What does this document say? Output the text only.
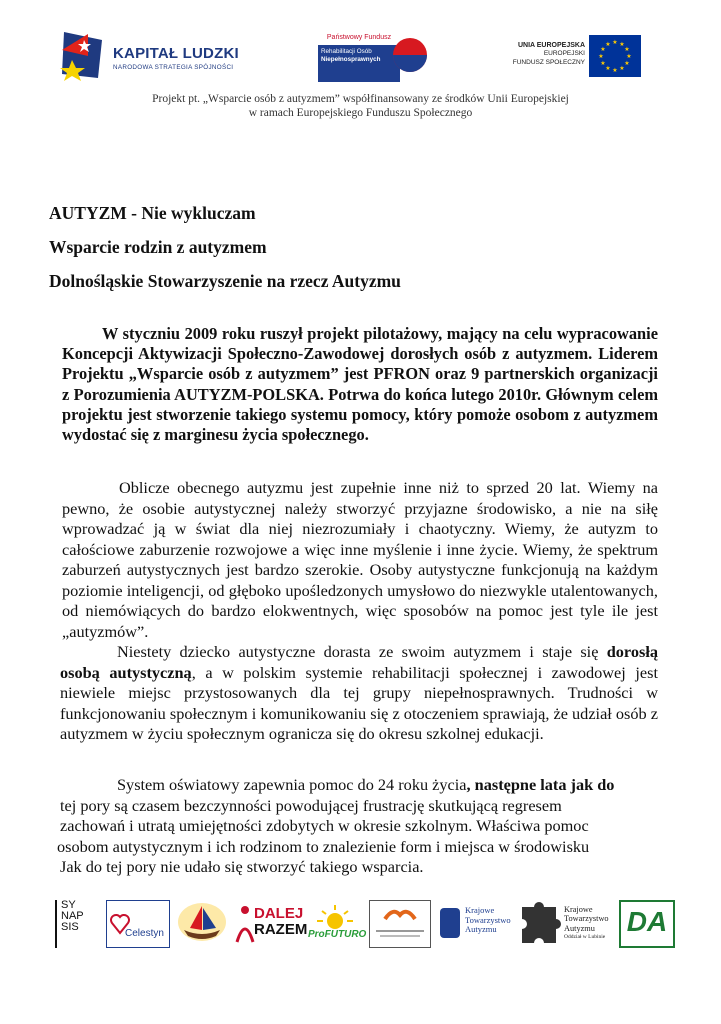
KAPITAŁ LUDZKI
NARODOWA STRATEGIA SPÓJNOŚCI
Państwowy Fundusz
Rehabilitacji Osób
Niepełnosprawnych
UNIA EUROPEJSKA
EUROPEJSKI
FUNDUSZ SPOŁECZNY
★ ★
★
★
★
★
★
★
★
★
★
★
Projekt pt. „Wsparcie osób z autyzmem” współfinansowany ze środków Unii Europejskiej
w ramach Europejskiego Funduszu Społecznego
AUTYZM - Nie wykluczam
Wsparcie rodzin z autyzmem
Dolnośląskie Stowarzyszenie na rzecz Autyzmu

W styczniu 2009 roku ruszył projekt pilotażowy, mający na celu wypracowanie Koncepcji Aktywizacji Społeczno-Zawodowej dorosłych osób z autyzmem. Liderem Projektu „Wsparcie osób z autyzmem” jest PFRON oraz 9 partnerskich organizacji z Porozumienia AUTYZM-POLSKA. Potrwa do końca lutego 2010r. Głównym celem projektu jest stworzenie takiego systemu pomocy, który pomoże osobom z autyzmem wydostać się z marginesu życia społecznego.

Oblicze obecnego autyzmu jest zupełnie inne niż to sprzed 20 lat. Wiemy na pewno, że osobie autystycznej należy stworzyć przyjazne środowisko, a nie na siłę wprowadzać ją w świat dla niej niezrozumiały i chaotyczny. Wiemy, że autyzm to całościowe zaburzenie rozwojowe a więc inne myślenie i inne życie. Wiemy, że spektrum zaburzeń autystycznych jest bardzo szerokie. Osoby autystyczne funkcjonują na każdym poziomie inteligencji, od głęboko upośledzonych umysłowo do niezwykle utalentowanych, od niemówiących do bardzo elokwentnych, więc sposobów na pomoc jest tyle ile jest „autyzmów”.

Niestety dziecko autystyczne dorasta ze swoim autyzmem i staje się dorosłą osobą autystyczną, a w polskim systemie rehabilitacji społecznej i zawodowej jest niewiele miejsc przystosowanych dla tej grupy niepełnosprawnych. Trudności w funkcjonowaniu społecznym i komunikowaniu się z otoczeniem sprawiają, że udział osób z autyzmem w życiu społecznym ogranicza się do okresu szkolnej edukacji.

System oświatowy zapewnia pomoc do 24 roku życia, następne lata jak do
tej pory są czasem bezczynności powodującej frustrację skutkującą regresem
zachowań i utratą umiejętności zdobytych w okresie szkolnym. Właściwa pomoc
osobom autystycznym i ich rodzinom to znalezienie form i miejsca w środowisku
Jak do tej pory nie udało się stworzyć takiego wsparcia.
SY
NAP
SIS
Celestyn
DALEJ
RAZEM ProFUTURO
Krajowe
Towarzystwo
Autyzmu
Krajowe
Towarzystwo
Autyzmu
Oddział w Lubinie DA
